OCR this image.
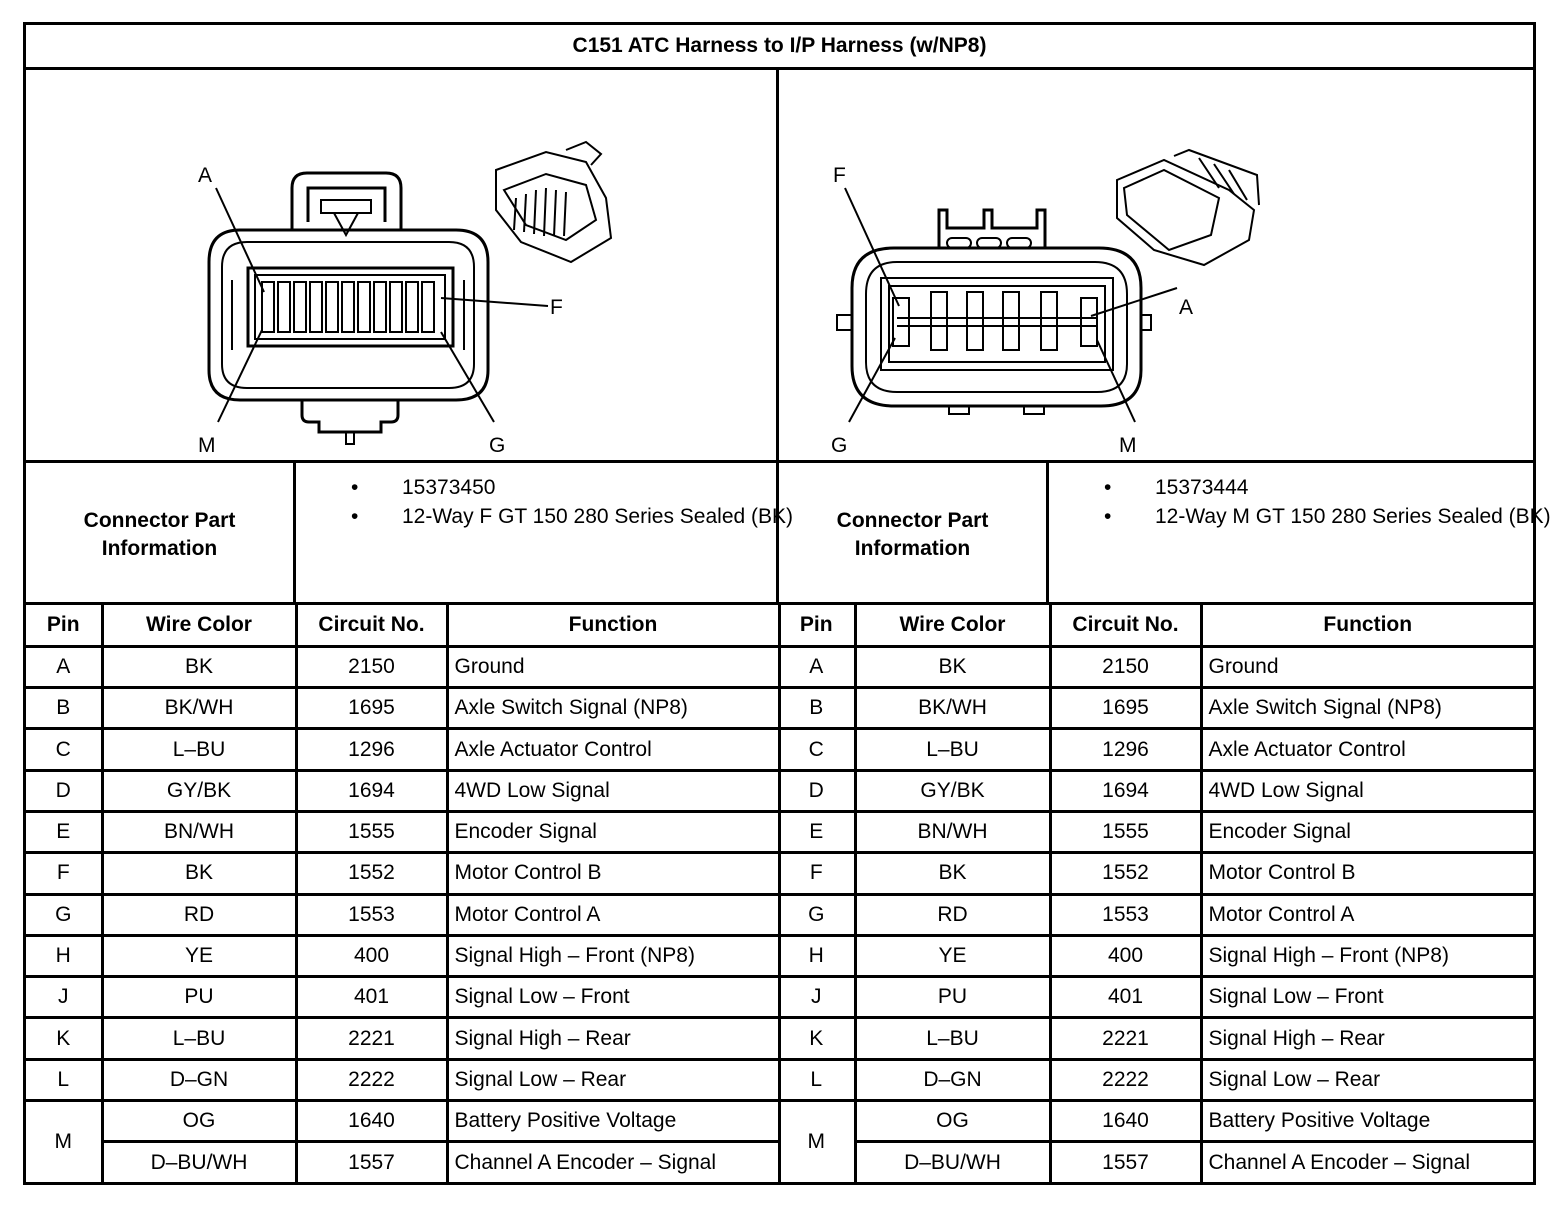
C151 ATC Harness to I/P Harness (w/NP8)
A
F
M	G
F
A
G	M
Connector Part Information
• 15373450
• 12-Way F GT 150 280 Series Sealed (BK)	Connector Part Information
• 15373444
• 12-Way M GT 150 280 Series Sealed (BK)
Pin	Wire Color	Circuit No.	Function
A	BK	2150	Ground
B	BK/WH	1695	Axle Switch Signal (NP8)
C	L–BU	1296	Axle Actuator Control
D	GY/BK	1694	4WD Low Signal
E	BN/WH	1555	Encoder Signal
F	BK	1552	Motor Control B
G	RD	1553	Motor Control A
H	YE	400	Signal High – Front (NP8)
J	PU	401	Signal Low – Front
K	L–BU	2221	Signal High – Rear
L	D–GN	2222	Signal Low – Rear
M	OG	1640	Battery Positive Voltage
	D–BU/WH	1557	Channel A Encoder – Signal
Pin	Wire Color	Circuit No.	Function
A	BK	2150	Ground
B	BK/WH	1695	Axle Switch Signal (NP8)
C	L–BU	1296	Axle Actuator Control
D	GY/BK	1694	4WD Low Signal
E	BN/WH	1555	Encoder Signal
F	BK	1552	Motor Control B
G	RD	1553	Motor Control A
H	YE	400	Signal High – Front (NP8)
J	PU	401	Signal Low – Front
K	L–BU	2221	Signal High – Rear
L	D–GN	2222	Signal Low – Rear
M	OG	1640	Battery Positive Voltage
	D–BU/WH	1557	Channel A Encoder – Signal
